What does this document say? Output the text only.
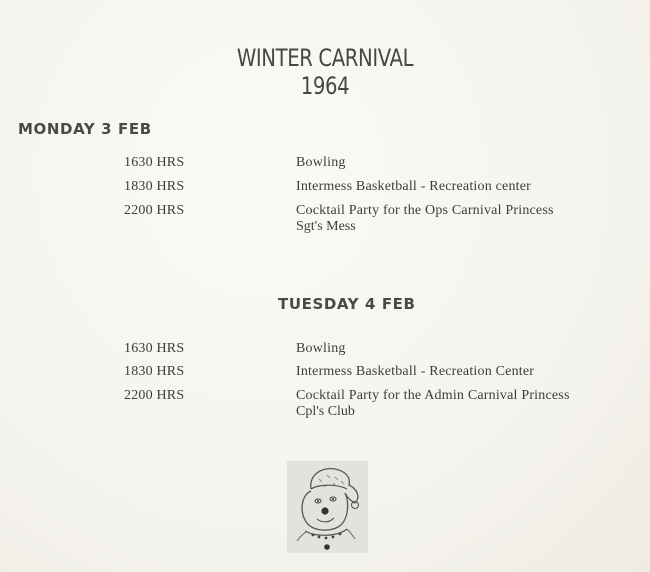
WINTER CARNIVAL 1964
MONDAY 3 FEB
1630 HRS	Bowling
1830 HRS	Intermess Basketball - Recreation center
2200 HRS	Cocktail Party for the Ops Carnival Princess
Sgt's Mess
TUESDAY 4 FEB
1630 HRS	Bowling
1830 HRS	Intermess Basketball - Recreation Center
2200 HRS	Cocktail Party for the Admin Carnival Princess
Cpl's Club
